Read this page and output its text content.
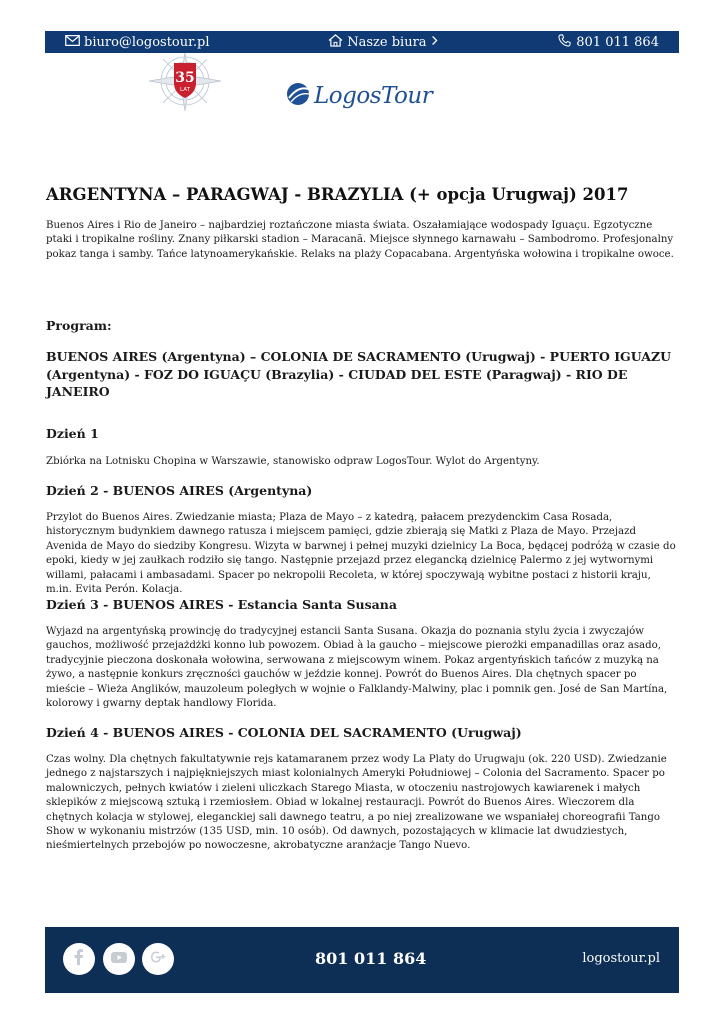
biuro@logostour.pl	Nasze biura	801 011 864
35
LAT	LogosTour
ARGENTYNA – PARAGWAJ - BRAZYLIA (+ opcja Urugwaj) 2017

Buenos Aires i Rio de Janeiro – najbardziej roztańczone miasta świata. Oszałamiające wodospady Iguaçu. Egzotyczne ptaki i tropikalne rośliny. Znany piłkarski stadion – Maracanã. Miejsce słynnego karnawału – Sambodromo. Profesjonalny pokaz tanga i samby. Tańce latynoamerykańskie. Relaks na plaży Copacabana. Argentyńska wołowina i tropikalne owoce.

Program:
BUENOS AIRES (Argentyna) – COLONIA DE SACRAMENTO (Urugwaj) - PUERTO IGUAZU (Argentyna) - FOZ DO IGUAÇU (Brazylia) - CIUDAD DEL ESTE (Paragwaj) - RIO DE JANEIRO
Dzień 1

Zbiórka na Lotnisku Chopina w Warszawie, stanowisko odpraw LogosTour. Wylot do Argentyny.

Dzień 2 - BUENOS AIRES (Argentyna)

Przylot do Buenos Aires. Zwiedzanie miasta; Plaza de Mayo – z katedrą, pałacem prezydenckim Casa Rosada, historycznym budynkiem dawnego ratusza i miejscem pamięci, gdzie zbierają się Matki z Plaza de Mayo. Przejazd Avenida de Mayo do siedziby Kongresu. Wizyta w barwnej i pełnej muzyki dzielnicy La Boca, będącej podróżą w czasie do epoki, kiedy w jej zaułkach rodziło się tango. Następnie przejazd przez elegancką dzielnicę Palermo z jej wytwornymi willami, pałacami i ambasadami. Spacer po nekropolii Recoleta, w której spoczywają wybitne postaci z historii kraju, m.in. Evita Perón. Kolacja.

Dzień 3 - BUENOS AIRES - Estancia Santa Susana

Wyjazd na argentyńską prowincję do tradycyjnej estancii Santa Susana. Okazja do poznania stylu życia i zwyczajów gauchos, możliwość przejażdżki konno lub powozem. Obiad à la gaucho – miejscowe pierożki empanadillas oraz asado, tradycyjnie pieczona doskonała wołowina, serwowana z miejscowym winem. Pokaz argentyńskich tańców z muzyką na żywo, a następnie konkurs zręczności gauchów w jeździe konnej. Powrót do Buenos Aires. Dla chętnych spacer po mieście – Wieża Anglików, mauzoleum poległych w wojnie o Falklandy-Malwiny, plac i pomnik gen. José de San Martína, kolorowy i gwarny deptak handlowy Florida.

Dzień 4 - BUENOS AIRES - COLONIA DEL SACRAMENTO (Urugwaj)

Czas wolny. Dla chętnych fakultatywnie rejs katamaranem przez wody La Platy do Urugwaju (ok. 220 USD). Zwiedzanie jednego z najstarszych i najpiękniejszych miast kolonialnych Ameryki Południowej – Colonia del Sacramento. Spacer po malowniczych, pełnych kwiatów i zieleni uliczkach Starego Miasta, w otoczeniu nastrojowych kawiarenek i małych sklepików z miejscową sztuką i rzemiosłem. Obiad w lokalnej restauracji. Powrót do Buenos Aires. Wieczorem dla chętnych kolacja w stylowej, eleganckiej sali dawnego teatru, a po niej zrealizowane we wspaniałej choreografii Tango Show w wykonaniu mistrzów (135 USD, min. 10 osób). Od dawnych, pozostających w klimacie lat dwudziestych, nieśmiertelnych przebojów po nowoczesne, akrobatyczne aranżacje Tango Nuevo.

801 011 864	logostour.pl
